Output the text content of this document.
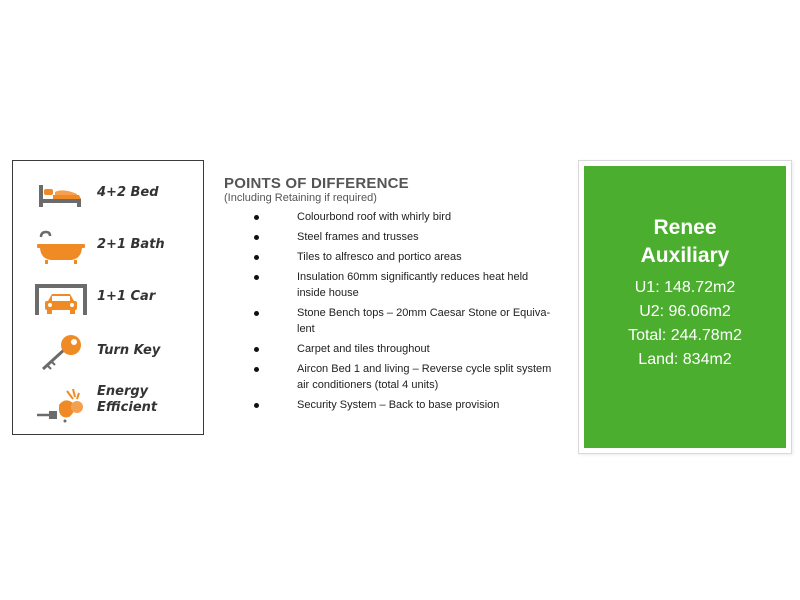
4+2 Bed
2+1 Bath
1+1 Car
Turn Key
Energy
Efficient
POINTS OF DIFFERENCE
(Including Retaining if required)
Colourbond roof with whirly bird
Steel frames and trusses
Tiles to alfresco and portico areas
Insulation 60mm significantly reduces heat held
inside house
Stone Bench tops – 20mm Caesar Stone or Equiva-
lent
Carpet and tiles throughout
Aircon Bed 1 and living – Reverse cycle split system
air conditioners (total 4 units)
Security System – Back to base provision
Renee
Auxiliary
U1: 148.72m2
U2: 96.06m2
Total: 244.78m2
Land: 834m2
